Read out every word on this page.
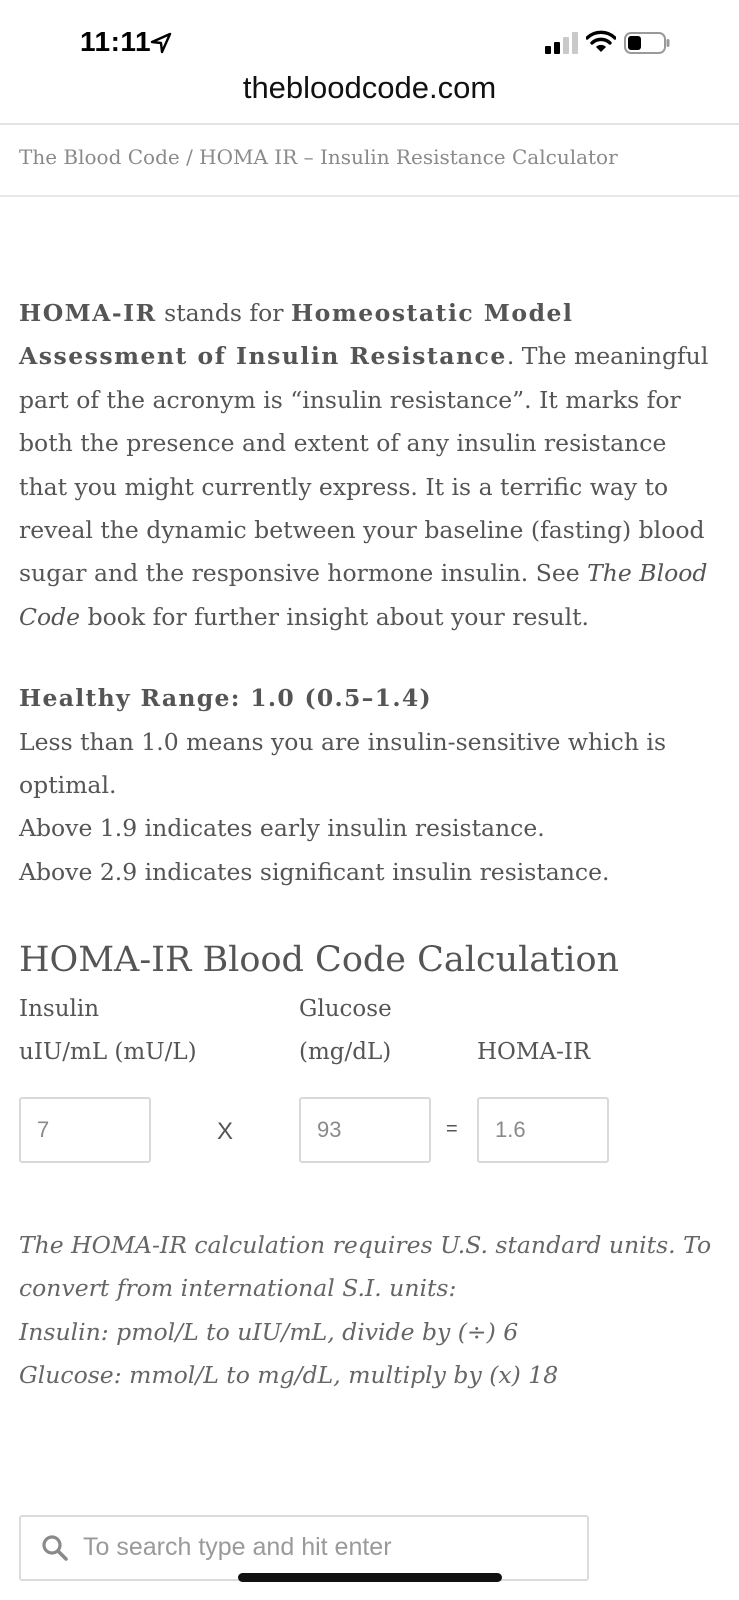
11:11
thebloodcode.com
The Blood Code / HOMA IR – Insulin Resistance Calculator

HOMA-IR stands for Homeostatic Model Assessment of Insulin Resistance. The meaningful part of the acronym is “insulin resistance”. It marks for both the presence and extent of any insulin resistance that you might currently express. It is a terrific way to reveal the dynamic between your baseline (fasting) blood sugar and the responsive hormone insulin. See The Blood Code book for further insight about your result.

Healthy Range: 1.0 (0.5–1.4)
Less than 1.0 means you are insulin-sensitive which is optimal.
Above 1.9 indicates early insulin resistance.
Above 2.9 indicates significant insulin resistance.

HOMA-IR Blood Code Calculation
Insulin
uIU/mL (mU/L)
Glucose
(mg/dL)	HOMA-IR
7	X	93	=	1.6
The HOMA-IR calculation requires U.S. standard units. To convert from international S.I. units:
Insulin: pmol/L to uIU/mL, divide by (÷) 6
Glucose: mmol/L to mg/dL, multiply by (x) 18
To search type and hit enter
